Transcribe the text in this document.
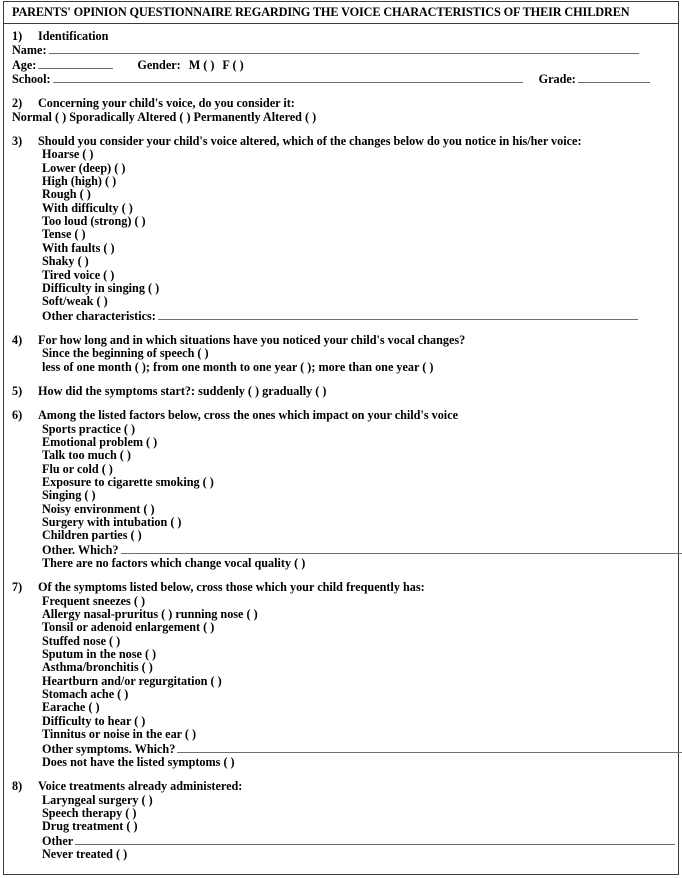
PARENTS' OPINION QUESTIONNAIRE REGARDING THE VOICE CHARACTERISTICS OF THEIR CHILDREN
1) Identification
Name:
Age:	Gender: M ( ) F ( )
School:	Grade:
2) Concerning your child's voice, do you consider it:
Normal ( ) Sporadically Altered ( ) Permanently Altered ( )
3) Should you consider your child's voice altered, which of the changes below do you notice in his/her voice:
Hoarse ( )
Lower (deep) ( )
High (high) ( )
Rough ( )
With difficulty ( )
Too loud (strong) ( )
Tense ( )
With faults ( )
Shaky ( )
Tired voice ( )
Difficulty in singing ( )
Soft/weak ( )
Other characteristics:
4) For how long and in which situations have you noticed your child's vocal changes?
Since the beginning of speech ( )
less of one month ( ); from one month to one year ( ); more than one year ( )
5) How did the symptoms start?: suddenly ( ) gradually ( )
6) Among the listed factors below, cross the ones which impact on your child's voice
Sports practice ( )
Emotional problem ( )
Talk too much ( )
Flu or cold ( )
Exposure to cigarette smoking ( )
Singing ( )
Noisy environment ( )
Surgery with intubation ( )
Children parties ( )
Other. Which?
There are no factors which change vocal quality ( )
7) Of the symptoms listed below, cross those which your child frequently has:
Frequent sneezes ( )
Allergy nasal-pruritus ( ) running nose ( )
Tonsil or adenoid enlargement ( )
Stuffed nose ( )
Sputum in the nose ( )
Asthma/bronchitis ( )
Heartburn and/or regurgitation ( )
Stomach ache ( )
Earache ( )
Difficulty to hear ( )
Tinnitus or noise in the ear ( )
Other symptoms. Which?
Does not have the listed symptoms ( )
8) Voice treatments already administered:
Laryngeal surgery ( )
Speech therapy ( )
Drug treatment ( )
Other
Never treated ( )
